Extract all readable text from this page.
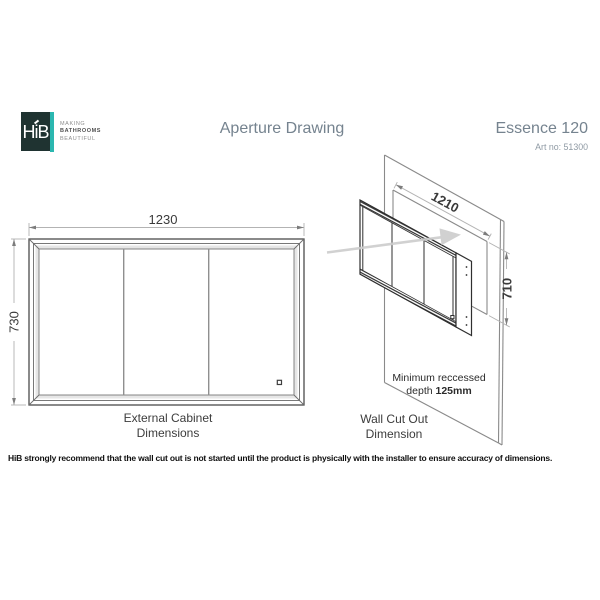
HiB MAKING
BATHROOMS
BEAUTIFUL
Aperture Drawing	Essence 120
Art no: 51300
1230
730
1210
710
Minimum reccessed
depth 125mm
External Cabinet
Dimensions
Wall Cut Out
Dimension
HiB strongly recommend that the wall cut out is not started until the product is physically with the installer to ensure accuracy of dimensions.
